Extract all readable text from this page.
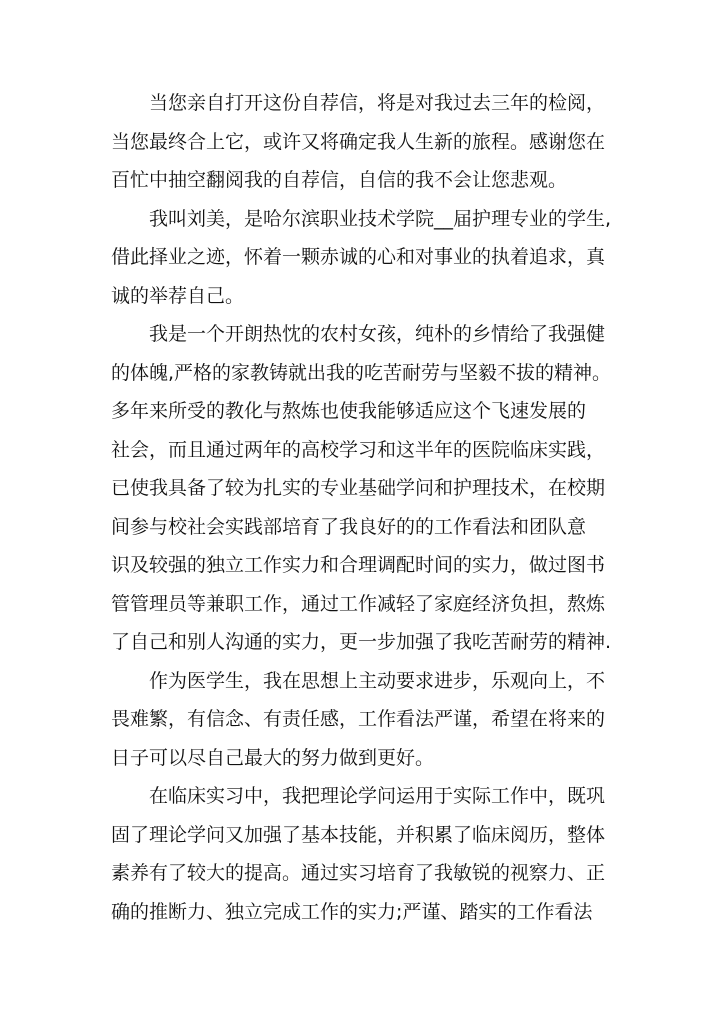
当您亲自打开这份自荐信，将是对我过去三年的检阅，
当您最终合上它，或许又将确定我人生新的旅程。感谢您在
百忙中抽空翻阅我的自荐信，自信的我不会让您悲观。
我叫刘美，是哈尔滨职业技术学院__届护理专业的学生,
借此择业之迹，怀着一颗赤诚的心和对事业的执着追求，真
诚的举荐自己。
我是一个开朗热忱的农村女孩，纯朴的乡情给了我强健
的体魄,严格的家教铸就出我的吃苦耐劳与坚毅不拔的精神。
多年来所受的教化与熬炼也使我能够适应这个飞速发展的
社会，而且通过两年的高校学习和这半年的医院临床实践，
已使我具备了较为扎实的专业基础学问和护理技术，在校期
间参与校社会实践部培育了我良好的的工作看法和团队意
识及较强的独立工作实力和合理调配时间的实力，做过图书
管管理员等兼职工作，通过工作减轻了家庭经济负担，熬炼
了自己和别人沟通的实力，更一步加强了我吃苦耐劳的精神.
作为医学生，我在思想上主动要求进步，乐观向上，不
畏难繁，有信念、有责任感，工作看法严谨，希望在将来的
日子可以尽自己最大的努力做到更好。
在临床实习中，我把理论学问运用于实际工作中，既巩
固了理论学问又加强了基本技能，并积累了临床阅历，整体
素养有了较大的提高。通过实习培育了我敏锐的视察力、正
确的推断力、独立完成工作的实力;严谨、踏实的工作看法
